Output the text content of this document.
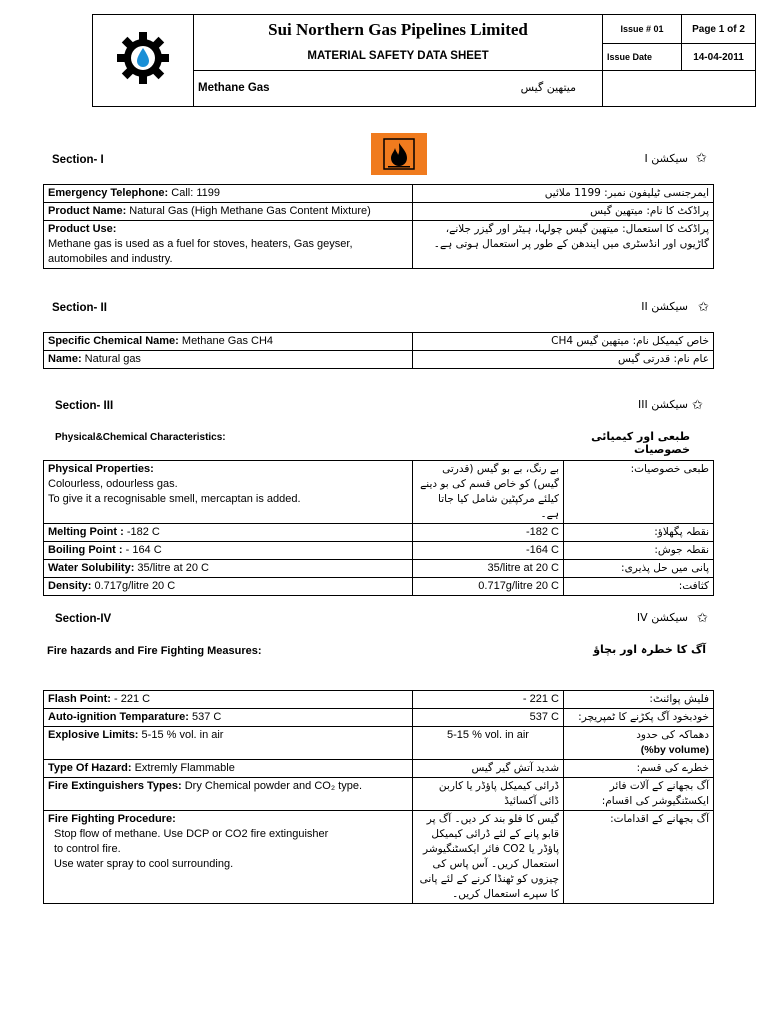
	Sui Northern Gas Pipelines Limited	Issue # 01	Page 1 of 2
	MATERIAL SAFETY DATA SHEET	Issue Date	14-04-2011
	Methane Gas میتھین گیس		

Section- I	سیکشن I ✩
Emergency Telephone: Call: 1199	ایمرجنسی ٹیلیفون نمبر: 1199 ملائیں
Product Name: Natural Gas (High Methane Gas Content Mixture)	پراڈکٹ کا نام: میتھین گیس
Product Use:
Methane gas is used as a fuel for stoves, heaters, Gas geyser, automobiles and industry.	پراڈکٹ کا استعمال: میتھین گیس چولہا، ہیٹر اور گیزر جلانے، گاڑیوں اور انڈسٹری میں ایندھن کے طور پر استعمال ہوتی ہے۔
Section- II	سیکشن II ✩
Specific Chemical Name: Methane Gas CH4	خاص کیمیکل نام: میتھین گیس CH4
Name: Natural gas	عام نام: قدرتی گیس
Section- III	سیکشن III ✩
Physical&Chemical Characteristics:	طبعی اور کیمیائی خصوصیات
Physical Properties:
Colourless, odourless gas.
To give it a recognisable smell, mercaptan is added.	بے رنگ، بے بو گیس (قدرتی گیس) کو خاص قسم کی بو دینے کیلئے مرکپٹین شامل کیا جاتا ہے۔	طبعی خصوصیات:
Melting Point : -182 C	-182 C	نقطہ پگھلاؤ:
Boiling Point : - 164 C	-164 C	نقطہ جوش:
Water Solubility: 35/litre at 20 C	35/litre at 20 C	پانی میں حل پذیری:
Density: 0.717g/litre 20 C	0.717g/litre 20 C	کثافت:
Section-IV	سیکشن IV ✩
Fire hazards and Fire Fighting Measures:	آگ کا خطرہ اور بچاؤ
Flash Point: - 221 C	- 221 C	فلیش پوائنٹ:
Auto-ignition Temparature: 537 C	537 C	خودبخود آگ پکڑنے کا ٹمپریچر:
Explosive Limits: 5-15 % vol. in air	5-15 % vol. in air	دھماکہ کی حدود
(%by volume)
Type Of Hazard: Extremly Flammable	شدید آتش گیر گیس	خطرے کی قسم:
Fire Extinguishers Types: Dry Chemical powder and CO₂ type.	ڈرائی کیمیکل پاؤڈر یا کاربن ڈائی آکسائیڈ	آگ بجھانے کے آلات فائر ایکسٹنگیوشر کی اقسام:
Fire Fighting Procedure:

Stop flow of methane. Use DCP or CO2 fire extinguisher
to control fire.
Use water spray to cool surrounding.	گیس کا فلو بند کر دیں۔ آگ پر قابو پانے کے لئے ڈرائی کیمیکل پاؤڈر یا CO2 فائر ایکسٹنگیوشر استعمال کریں۔ آس پاس کی چیزوں کو ٹھنڈا کرنے کے لئے پانی کا سپرے استعمال کریں۔	آگ بجھانے کے اقدامات:
